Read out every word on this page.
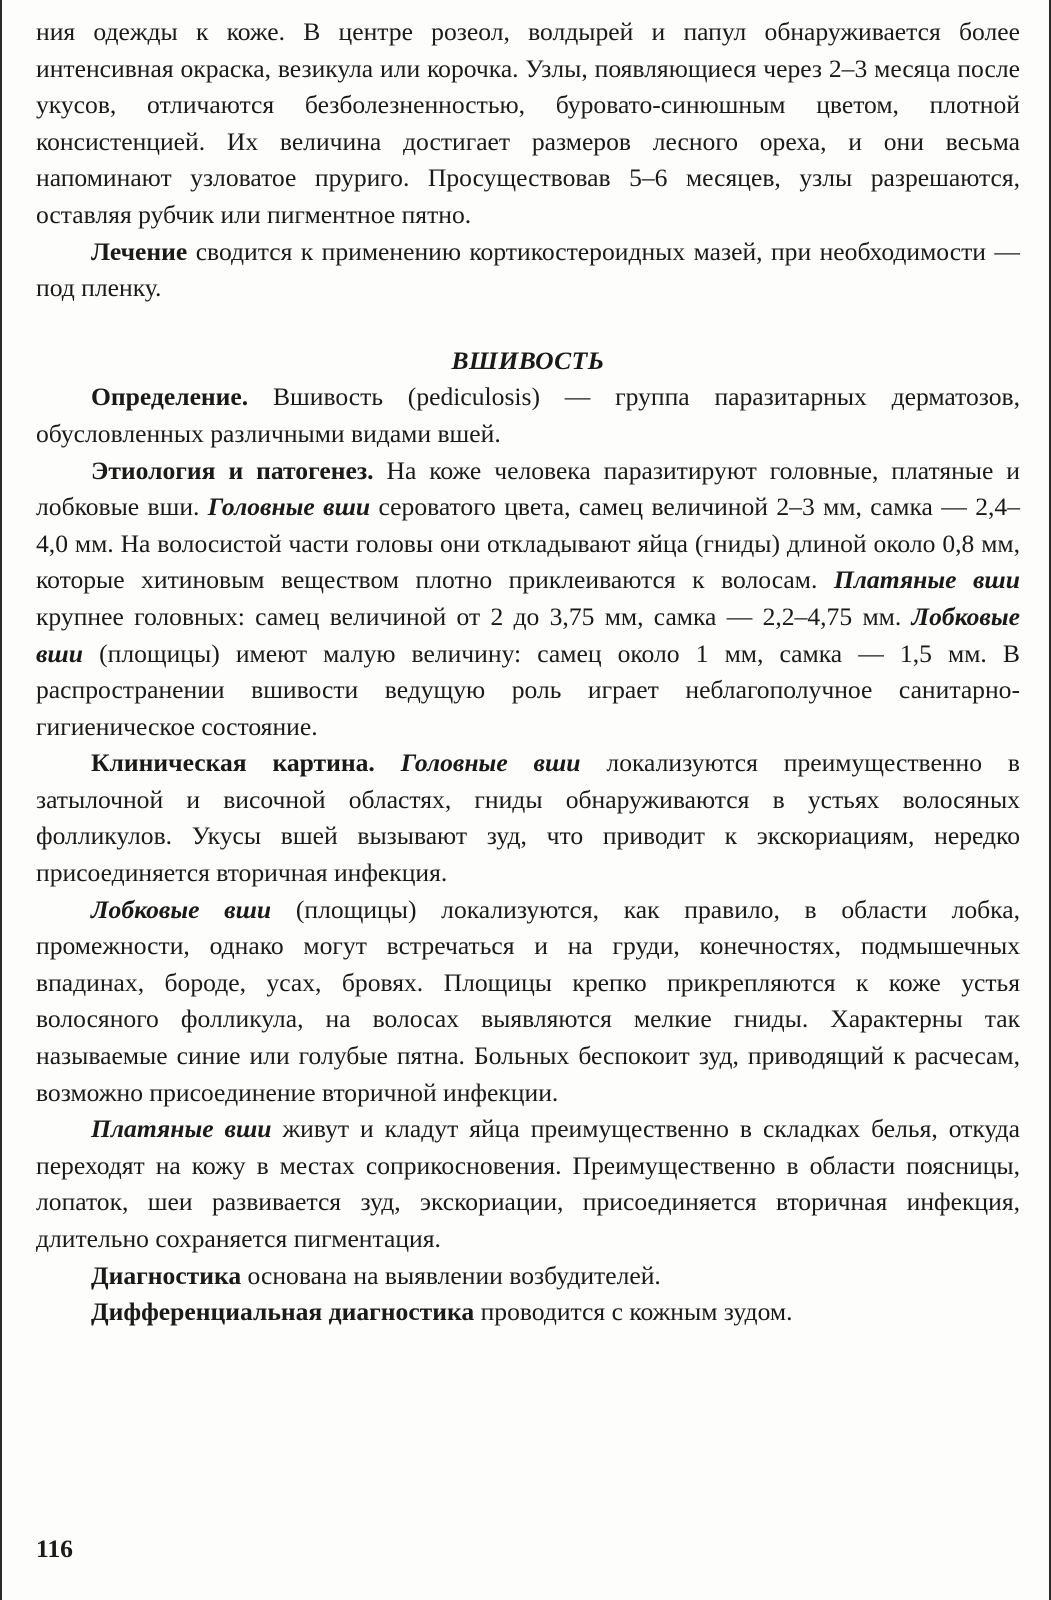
ния одежды к коже. В центре розеол, волдырей и папул обнаруживается более интенсивная окраска, везикула или корочка. Узлы, появляющиеся через 2–3 месяца после укусов, отличаются безболезненностью, буровато-синюшным цветом, плотной консистенцией. Их величина достигает размеров лесного ореха, и они весьма напоминают узловатое пруриго. Просуществовав 5–6 месяцев, узлы разрешаются, оставляя рубчик или пигментное пятно.

Лечение сводится к применению кортикостероидных мазей, при необходимости — под пленку.

ВШИВОСТЬ

Определение. Вшивость (pediculosis) — группа паразитарных дерматозов, обусловленных различными видами вшей.

Этиология и патогенез. На коже человека паразитируют головные, платяные и лобковые вши. Головные вши сероватого цвета, самец величиной 2–3 мм, самка — 2,4–4,0 мм. На волосистой части головы они откладывают яйца (гниды) длиной около 0,8 мм, которые хитиновым веществом плотно приклеиваются к волосам. Платяные вши крупнее головных: самец величиной от 2 до 3,75 мм, самка — 2,2–4,75 мм. Лобковые вши (площицы) имеют малую величину: самец около 1 мм, самка — 1,5 мм. В распространении вшивости ведущую роль играет неблагополучное санитарно-гигиеническое состояние.

Клиническая картина. Головные вши локализуются преимущественно в затылочной и височной областях, гниды обнаруживаются в устьях волосяных фолликулов. Укусы вшей вызывают зуд, что приводит к экскориациям, нередко присоединяется вторичная инфекция.

Лобковые вши (площицы) локализуются, как правило, в области лобка, промежности, однако могут встречаться и на груди, конечностях, подмышечных впадинах, бороде, усах, бровях. Площицы крепко прикрепляются к коже устья волосяного фолликула, на волосах выявляются мелкие гниды. Характерны так называемые синие или голубые пятна. Больных беспокоит зуд, приводящий к расчесам, возможно присоединение вторичной инфекции.

Платяные вши живут и кладут яйца преимущественно в складках белья, откуда переходят на кожу в местах соприкосновения. Преимущественно в области поясницы, лопаток, шеи развивается зуд, экскориации, присоединяется вторичная инфекция, длительно сохраняется пигментация.

Диагностика основана на выявлении возбудителей.

Дифференциальная диагностика проводится с кожным зудом.

116
